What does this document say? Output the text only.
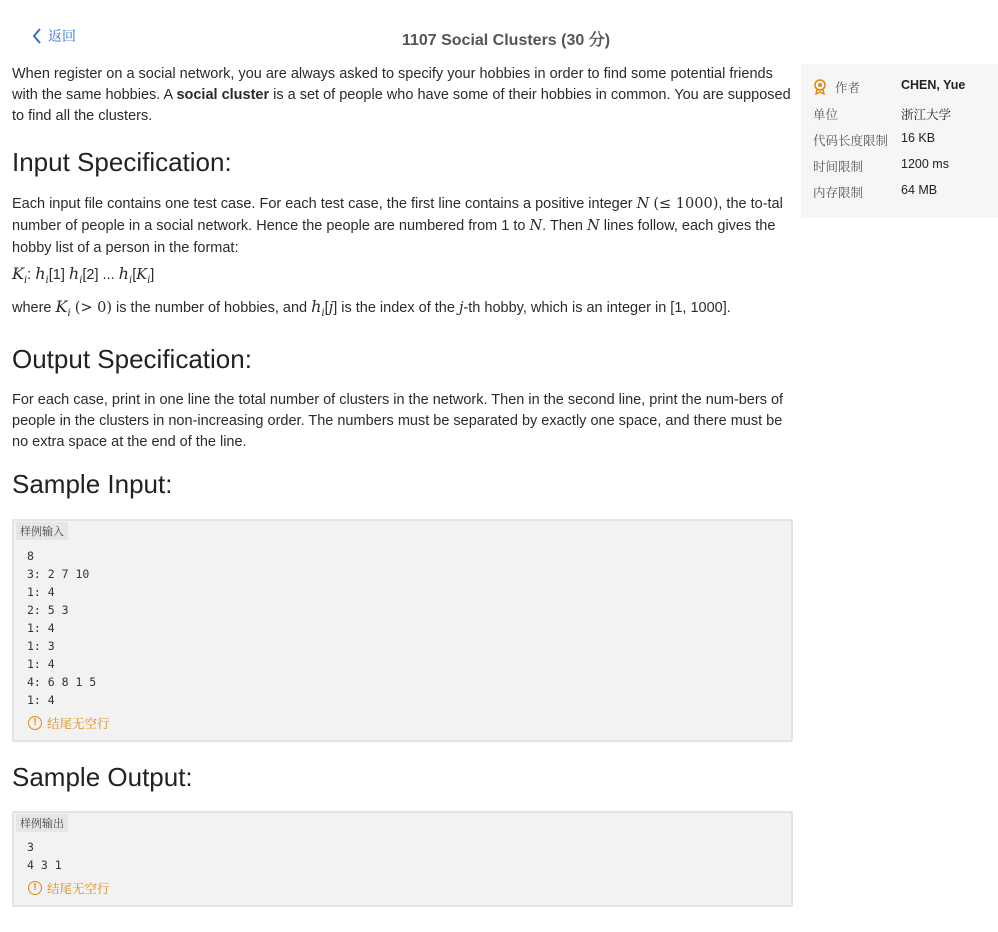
返回	1107 Social Clusters (30 分)

When register on a social network, you are always asked to specify your hobbies in order to find some potential friends with the same hobbies. A social cluster is a set of people who have some of their hobbies in common. You are supposed to find all the clusters.

Input Specification:

Each input file contains one test case. For each test case, the first line contains a positive integer N (≤ 1000), the to-tal number of people in a social network. Hence the people are numbered from 1 to N. Then N lines follow, each gives the hobby list of a person in the format:

$K_i$: $h_i[1]$ $h_i[2]$ ... $h_i[K_i]$

where $K_i$ (> 0) is the number of hobbies, and $h_i[j]$ is the index of the j-th hobby, which is an integer in [1, 1000].

Output Specification:

For each case, print in one line the total number of clusters in the network. Then in the second line, print the num-bers of people in the clusters in non-increasing order. The numbers must be separated by exactly one space, and there must be no extra space at the end of the line.

Sample Input:
样例输入
8
3: 2 7 10
1: 4
2: 5 3
1: 4
1: 3
1: 4
4: 6 8 1 5
1: 4
! 结尾无空行
Sample Output:
样例输出
3
4 3 1
! 结尾无空行
作者	CHEN, Yue
单位	浙江大学
代码长度限制 16 KB
时间限制	1200 ms
内存限制	64 MB
